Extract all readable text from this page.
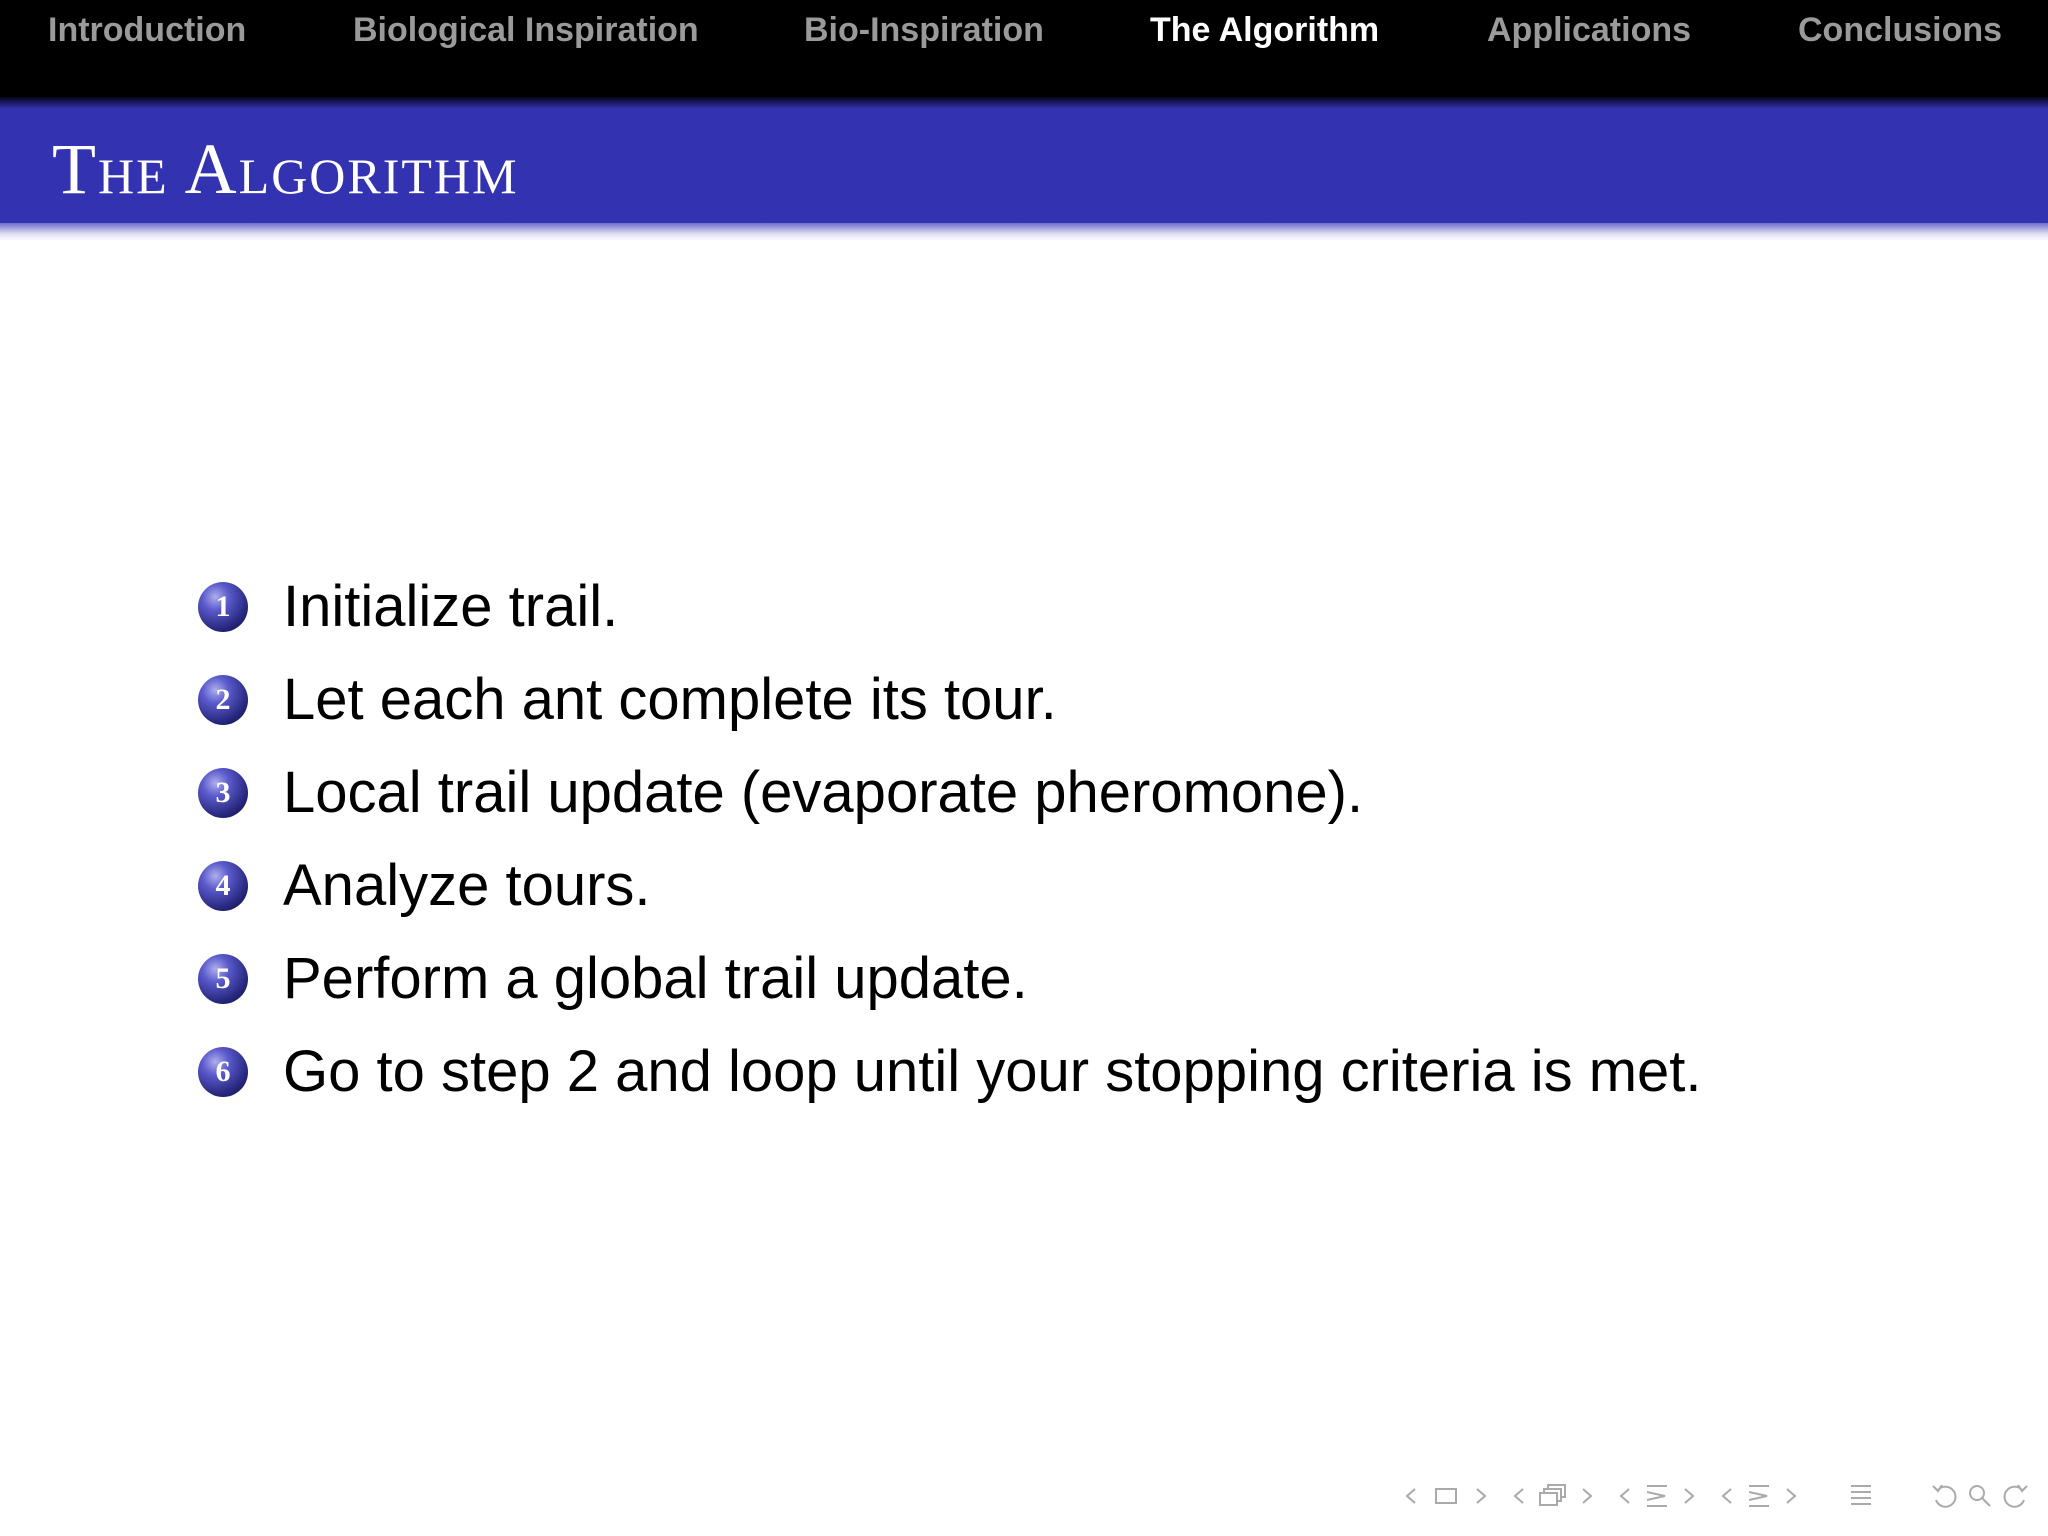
Introduction	Biological Inspiration	Bio-Inspiration	The Algorithm	Applications	Conclusions
The Algorithm
1 Initialize trail.
2 Let each ant complete its tour.
3 Local trail update (evaporate pheromone).
4 Analyze tours.
5 Perform a global trail update.
6 Go to step 2 and loop until your stopping criteria is met.
